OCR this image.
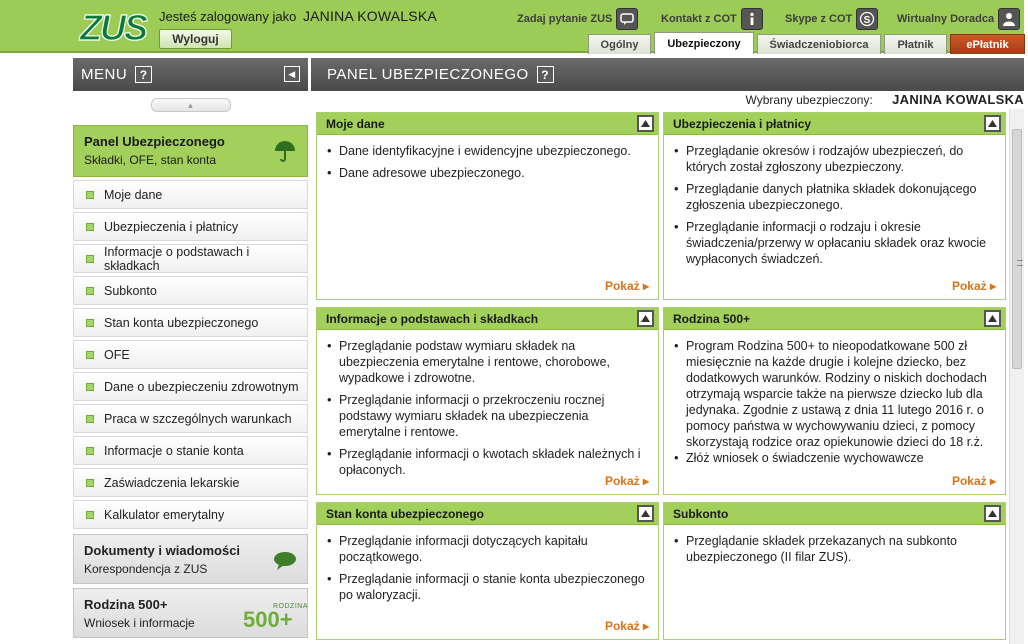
ZUS Jesteś zalogowany jako JANINA KOWALSKA
Wyloguj
Zadaj pytanie ZUS	Kontakt z COT	Skype z COT S Wirtualny Doradca
Ogólny	Ubezpieczony	Świadczeniobiorca	Płatnik	ePłatnik
MENU	?	◀
▲
Panel Ubezpieczonego
Składki, OFE, stan konta
Moje dane
Ubezpieczenia i płatnicy
Informacje o podstawach i składkach
Subkonto
Stan konta ubezpieczonego
OFE
Dane o ubezpieczeniu zdrowotnym
Praca w szczególnych warunkach
Informacje o stanie konta
Zaświadczenia lekarskie
Kalkulator emerytalny
Dokumenty i wiadomości
Korespondencja z ZUS
Rodzina 500+
Wniosek i informacje
RODZINA
500+
PANEL UBEZPIECZONEGO	?
Wybrany ubezpieczony: JANINA KOWALSKA
Moje dane
• Dane identyfikacyjne i ewidencyjne ubezpieczonego.
• Dane adresowe ubezpieczonego.
Pokaż ▸
Ubezpieczenia i płatnicy
• Przeglądanie okresów i rodzajów ubezpieczeń, do których został zgłoszony ubezpieczony.
• Przeglądanie danych płatnika składek dokonującego zgłoszenia ubezpieczonego.
• Przeglądanie informacji o rodzaju i okresie świadczenia/przerwy w opłacaniu składek oraz kwocie wypłaconych świadczeń.
Pokaż ▸
Informacje o podstawach i składkach
• Przeglądanie podstaw wymiaru składek na ubezpieczenia emerytalne i rentowe, chorobowe, wypadkowe i zdrowotne.
• Przeglądanie informacji o przekroczeniu rocznej podstawy wymiaru składek na ubezpieczenia emerytalne i rentowe.
• Przeglądanie informacji o kwotach składek należnych i opłaconych.
Pokaż ▸
Rodzina 500+
• Program Rodzina 500+ to nieopodatkowane 500 zł miesięcznie na każde drugie i kolejne dziecko, bez dodatkowych warunków. Rodziny o niskich dochodach otrzymają wsparcie także na pierwsze dziecko lub dla jedynaka. Zgodnie z ustawą z dnia 11 lutego 2016 r. o pomocy państwa w wychowywaniu dzieci, z pomocy skorzystają rodzice oraz opiekunowie dzieci do 18 r.ż.
• Złóż wniosek o świadczenie wychowawcze
Pokaż ▸
Stan konta ubezpieczonego
• Przeglądanie informacji dotyczących kapitału początkowego.
• Przeglądanie informacji o stanie konta ubezpieczonego po waloryzacji.
Pokaż ▸
Subkonto
• Przeglądanie składek przekazanych na subkonto ubezpieczonego (II filar ZUS).
